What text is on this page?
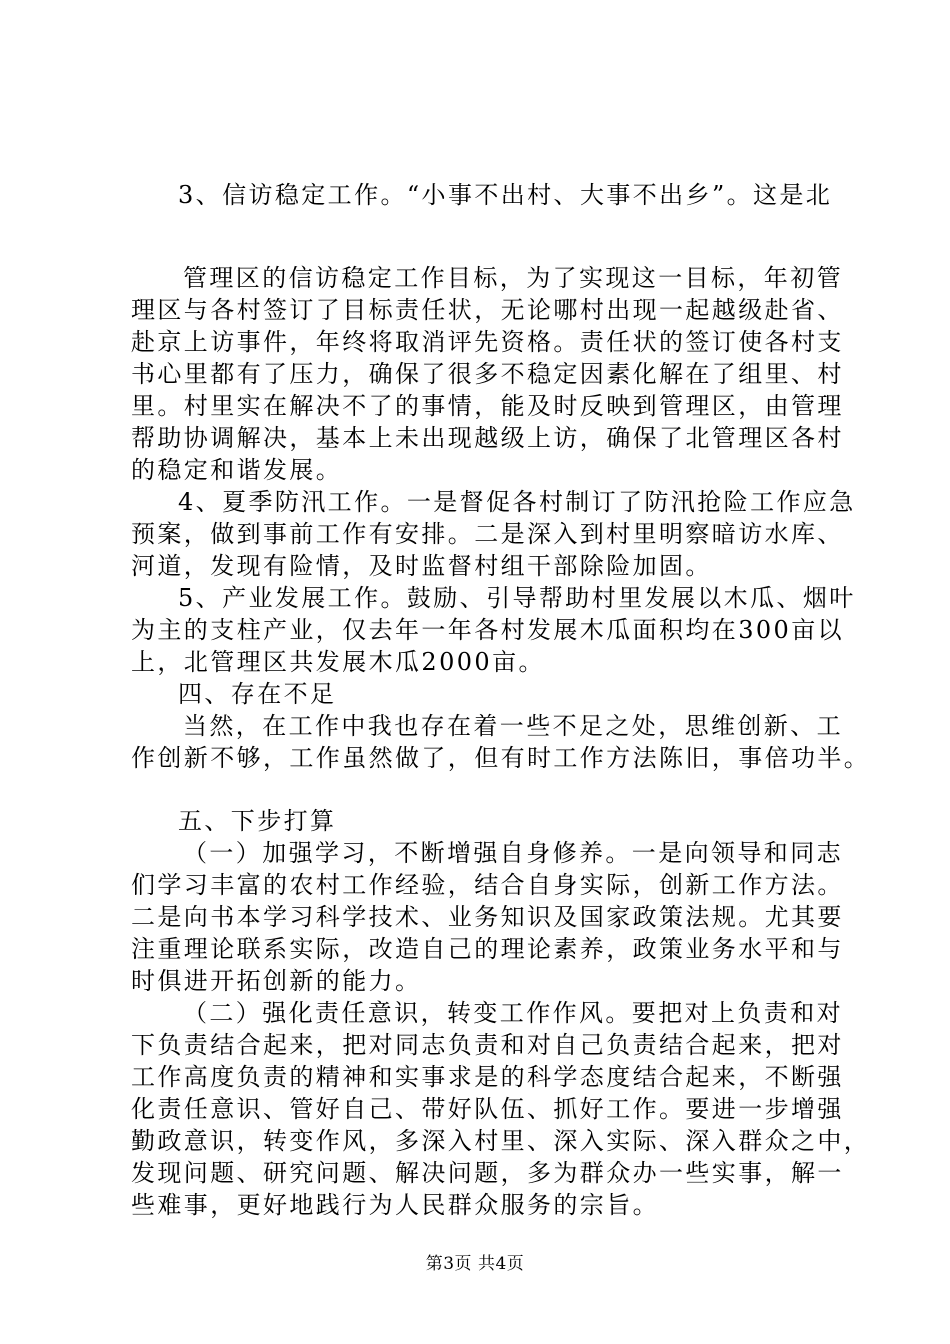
3、信访稳定工作。“小事不出村、大事不出乡”。这是北
管理区的信访稳定工作目标，为了实现这一目标，年初管
理区与各村签订了目标责任状，无论哪村出现一起越级赴省、
赴京上访事件，年终将取消评先资格。责任状的签订使各村支
书心里都有了压力，确保了很多不稳定因素化解在了组里、村
里。村里实在解决不了的事情，能及时反映到管理区，由管理
帮助协调解决，基本上未出现越级上访，确保了北管理区各村
的稳定和谐发展。
4、夏季防汛工作。一是督促各村制订了防汛抢险工作应急
预案，做到事前工作有安排。二是深入到村里明察暗访水库、
河道，发现有险情，及时监督村组干部除险加固。
5、产业发展工作。鼓励、引导帮助村里发展以木瓜、烟叶
为主的支柱产业，仅去年一年各村发展木瓜面积均在300亩以
上，北管理区共发展木瓜2000亩。
四、存在不足
当然，在工作中我也存在着一些不足之处，思维创新、工
作创新不够，工作虽然做了，但有时工作方法陈旧，事倍功半。
五、下步打算
（一）加强学习，不断增强自身修养。一是向领导和同志
们学习丰富的农村工作经验，结合自身实际，创新工作方法。
二是向书本学习科学技术、业务知识及国家政策法规。尤其要
注重理论联系实际，改造自己的理论素养，政策业务水平和与
时俱进开拓创新的能力。
（二）强化责任意识，转变工作作风。要把对上负责和对
下负责结合起来，把对同志负责和对自己负责结合起来，把对
工作高度负责的精神和实事求是的科学态度结合起来，不断强
化责任意识、管好自己、带好队伍、抓好工作。要进一步增强
勤政意识，转变作风，多深入村里、深入实际、深入群众之中，
发现问题、研究问题、解决问题，多为群众办一些实事，解一
些难事，更好地践行为人民群众服务的宗旨。
第3页 共4页
